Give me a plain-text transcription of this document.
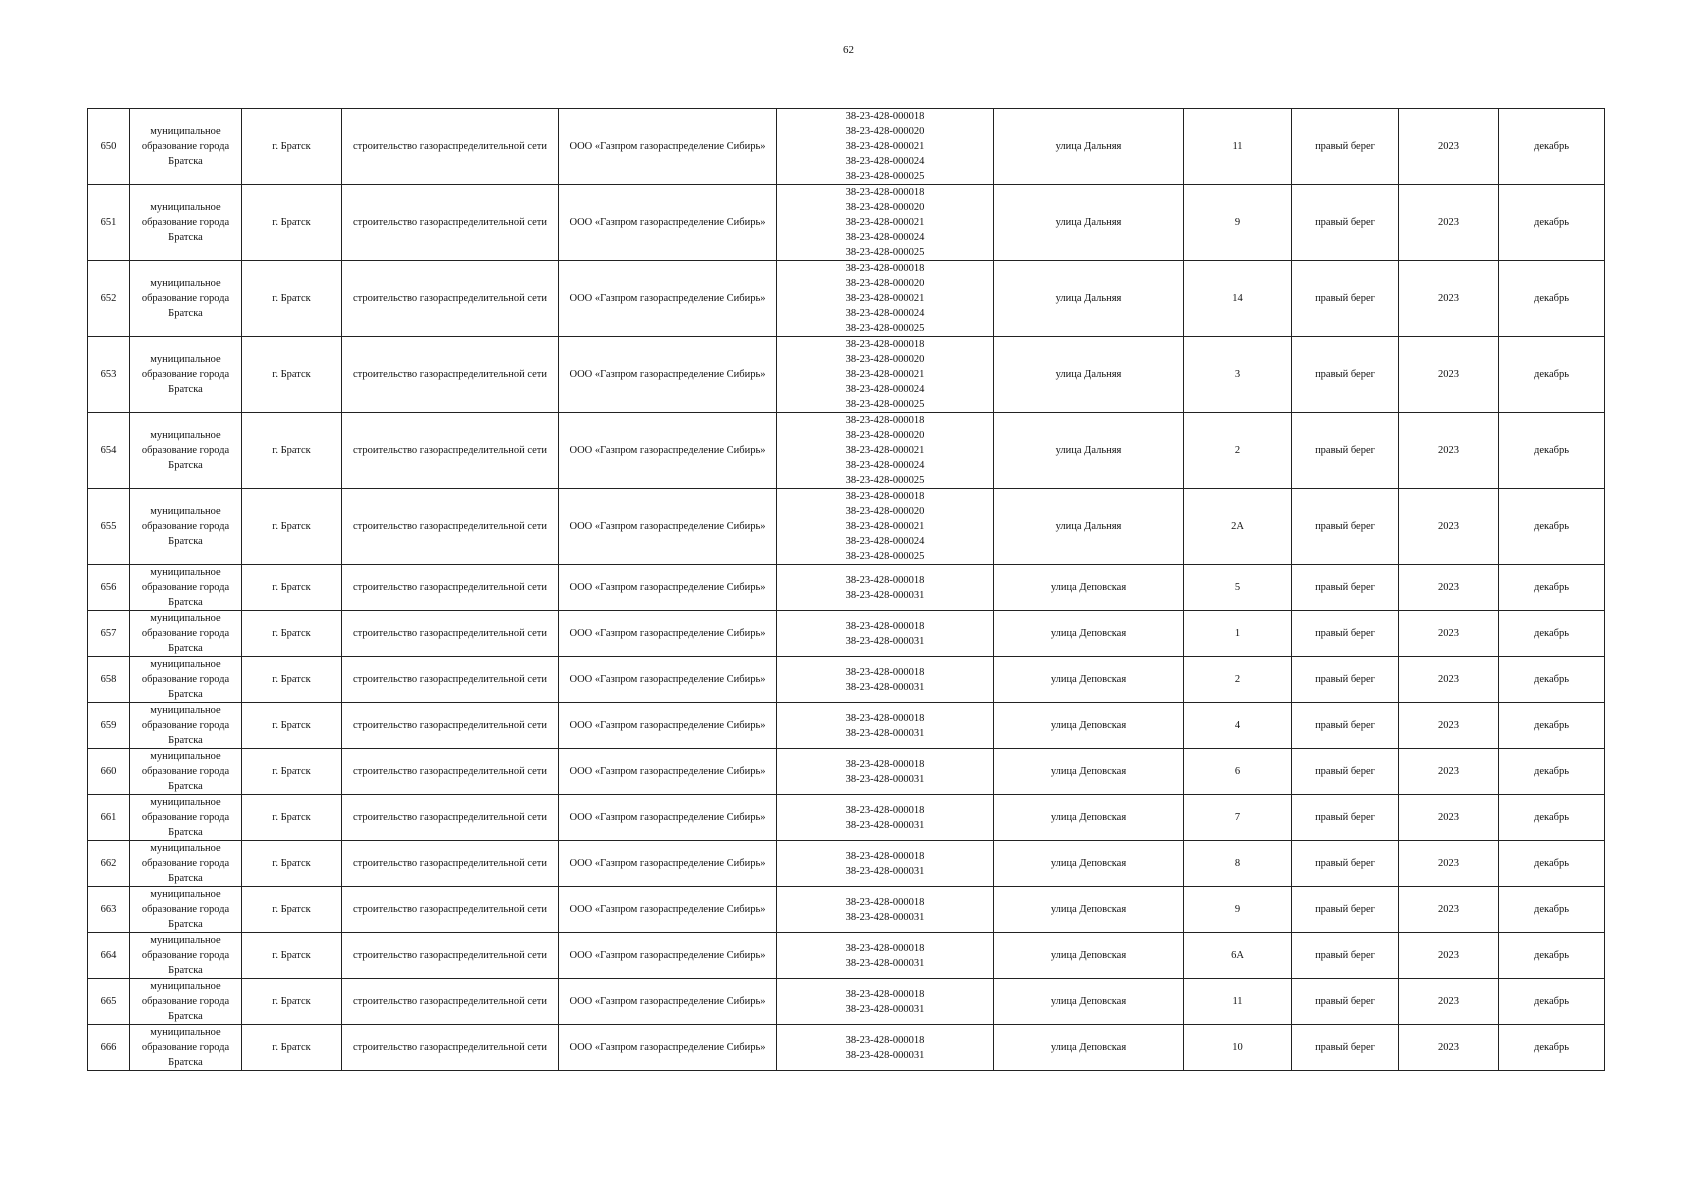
62
650	муниципальное образование города Братска	г. Братск	строительство газораспределительной сети	ООО «Газпром газораспределение Сибирь»	38-23-428-000018
38-23-428-000020
38-23-428-000021
38-23-428-000024
38-23-428-000025	улица Дальняя	11	правый берег	2023	декабрь
651	муниципальное образование города Братска	г. Братск	строительство газораспределительной сети	ООО «Газпром газораспределение Сибирь»	38-23-428-000018
38-23-428-000020
38-23-428-000021
38-23-428-000024
38-23-428-000025	улица Дальняя	9	правый берег	2023	декабрь
652	муниципальное образование города Братска	г. Братск	строительство газораспределительной сети	ООО «Газпром газораспределение Сибирь»	38-23-428-000018
38-23-428-000020
38-23-428-000021
38-23-428-000024
38-23-428-000025	улица Дальняя	14	правый берег	2023	декабрь
653	муниципальное образование города Братска	г. Братск	строительство газораспределительной сети	ООО «Газпром газораспределение Сибирь»	38-23-428-000018
38-23-428-000020
38-23-428-000021
38-23-428-000024
38-23-428-000025	улица Дальняя	3	правый берег	2023	декабрь
654	муниципальное образование города Братска	г. Братск	строительство газораспределительной сети	ООО «Газпром газораспределение Сибирь»	38-23-428-000018
38-23-428-000020
38-23-428-000021
38-23-428-000024
38-23-428-000025	улица Дальняя	2	правый берег	2023	декабрь
655	муниципальное образование города Братска	г. Братск	строительство газораспределительной сети	ООО «Газпром газораспределение Сибирь»	38-23-428-000018
38-23-428-000020
38-23-428-000021
38-23-428-000024
38-23-428-000025	улица Дальняя	2А	правый берег	2023	декабрь
656	муниципальное образование города Братска	г. Братск	строительство газораспределительной сети	ООО «Газпром газораспределение Сибирь»	38-23-428-000018
38-23-428-000031	улица Деповская	5	правый берег	2023	декабрь
657	муниципальное образование города Братска	г. Братск	строительство газораспределительной сети	ООО «Газпром газораспределение Сибирь»	38-23-428-000018
38-23-428-000031	улица Деповская	1	правый берег	2023	декабрь
658	муниципальное образование города Братска	г. Братск	строительство газораспределительной сети	ООО «Газпром газораспределение Сибирь»	38-23-428-000018
38-23-428-000031	улица Деповская	2	правый берег	2023	декабрь
659	муниципальное образование города Братска	г. Братск	строительство газораспределительной сети	ООО «Газпром газораспределение Сибирь»	38-23-428-000018
38-23-428-000031	улица Деповская	4	правый берег	2023	декабрь
660	муниципальное образование города Братска	г. Братск	строительство газораспределительной сети	ООО «Газпром газораспределение Сибирь»	38-23-428-000018
38-23-428-000031	улица Деповская	6	правый берег	2023	декабрь
661	муниципальное образование города Братска	г. Братск	строительство газораспределительной сети	ООО «Газпром газораспределение Сибирь»	38-23-428-000018
38-23-428-000031	улица Деповская	7	правый берег	2023	декабрь
662	муниципальное образование города Братска	г. Братск	строительство газораспределительной сети	ООО «Газпром газораспределение Сибирь»	38-23-428-000018
38-23-428-000031	улица Деповская	8	правый берег	2023	декабрь
663	муниципальное образование города Братска	г. Братск	строительство газораспределительной сети	ООО «Газпром газораспределение Сибирь»	38-23-428-000018
38-23-428-000031	улица Деповская	9	правый берег	2023	декабрь
664	муниципальное образование города Братска	г. Братск	строительство газораспределительной сети	ООО «Газпром газораспределение Сибирь»	38-23-428-000018
38-23-428-000031	улица Деповская	6А	правый берег	2023	декабрь
665	муниципальное образование города Братска	г. Братск	строительство газораспределительной сети	ООО «Газпром газораспределение Сибирь»	38-23-428-000018
38-23-428-000031	улица Деповская	11	правый берег	2023	декабрь
666	муниципальное образование города Братска	г. Братск	строительство газораспределительной сети	ООО «Газпром газораспределение Сибирь»	38-23-428-000018
38-23-428-000031	улица Деповская	10	правый берег	2023	декабрь
